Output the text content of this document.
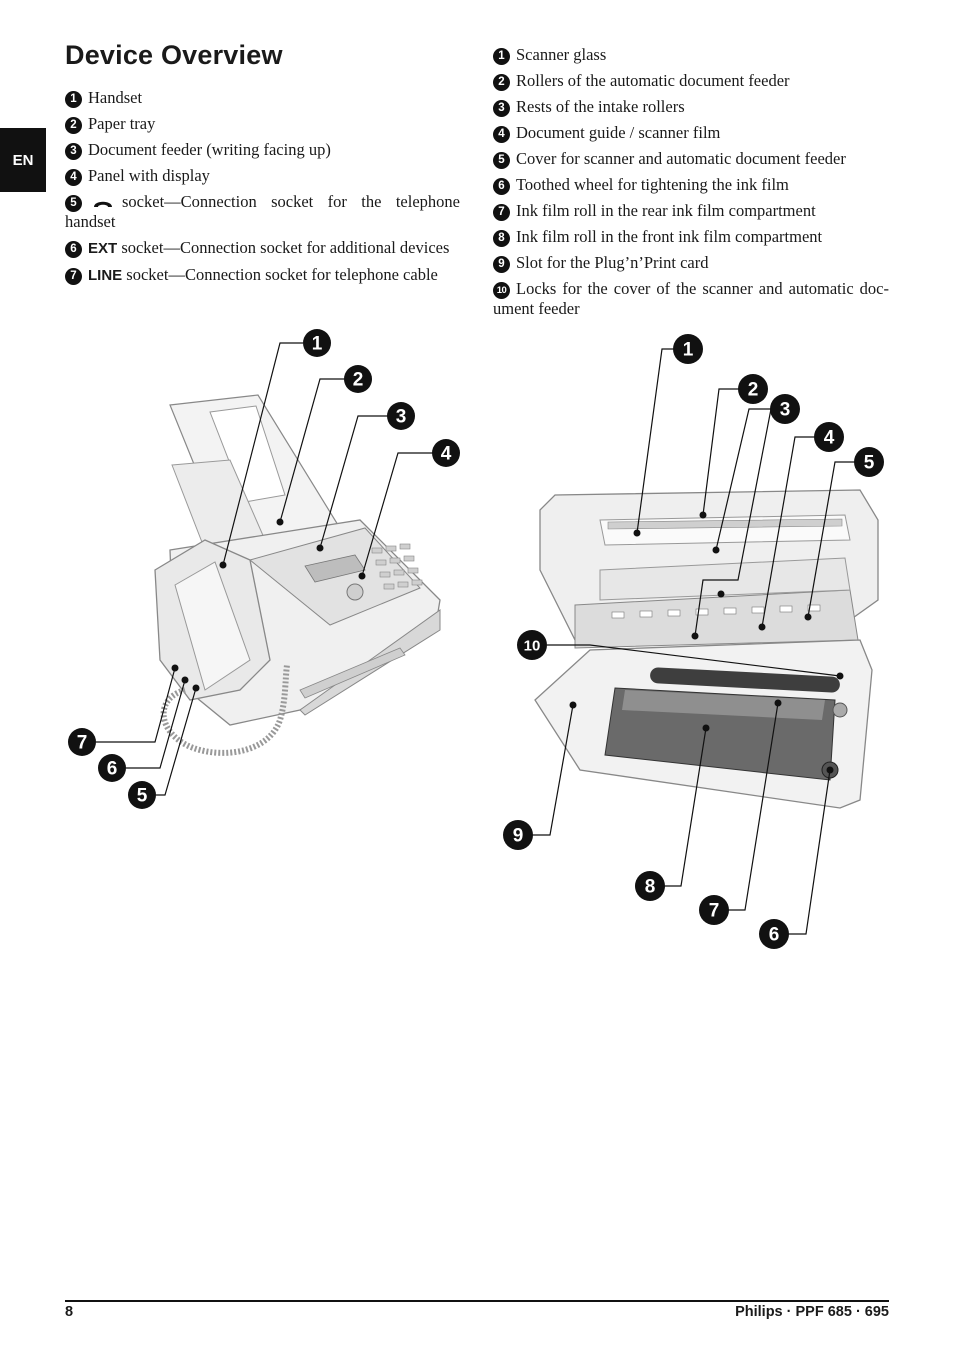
EN
Device Overview
1 Handset
2 Paper tray
3 Document feeder (writing facing up)
4 Panel with display
5	socket—Connection socket for the telephone handset
6 EXT socket—Connection socket for additional devices
7 LINE socket—Connection socket for telephone cable
1 Scanner glass
2 Rollers of the automatic document feeder
3 Rests of the intake rollers
4 Document guide / scanner film
5 Cover for scanner and automatic document feeder
6 Toothed wheel for tightening the ink film
7 Ink film roll in the rear ink film compartment
8 Ink film roll in the front ink film compartment
9 Slot for the Plug’n’Print card
10 Locks for the cover of the scanner and automatic doc-ument feeder
1
2
3
4
7
6
5
1
2
3
4
5
10
9
8
7
6
8	Philips · PPF 685 · 695
